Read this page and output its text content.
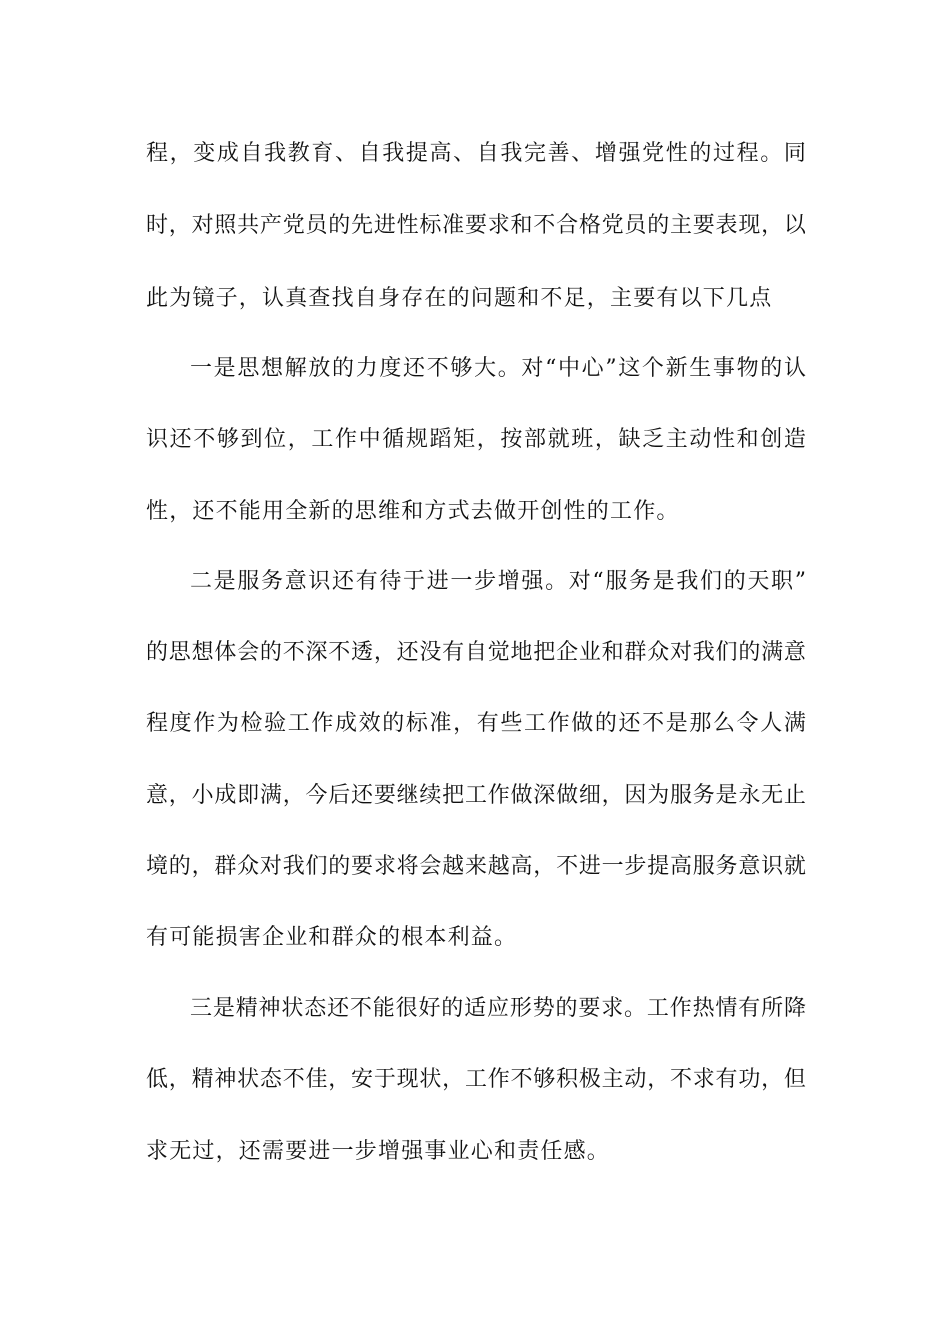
程 ， 变 成 自 我 教 育 、 自 我 提 高 、 自 我 完 善 、 增 强 党 性 的 过 程 。 同
时 ， 对 照 共 产 党 员 的 先 进 性 标 准 要 求 和 不 合 格 党 员 的 主 要 表 现 ， 以
此为镜子，认真查找自身存在的问题和不足，主要有以下几点
一 是 思 想 解 放 的 力 度 还 不 够 大 。 对 “ 中 心 ” 这 个 新 生 事 物 的 认
识 还 不 够 到 位 ， 工 作 中 循 规 蹈 矩 ， 按 部 就 班 ， 缺 乏 主 动 性 和 创 造
性，还不能用全新的思维和方式去做开创性的工作。
二 是 服 务 意 识 还 有 待 于 进 一 步 增 强 。 对 “ 服 务 是 我 们 的 天 职 ”
的 思 想 体 会 的 不 深 不 透 ， 还 没 有 自 觉 地 把 企 业 和 群 众 对 我 们 的 满 意
程 度 作 为 检 验 工 作 成 效 的 标 准 ， 有 些 工 作 做 的 还 不 是 那 么 令 人 满
意 ， 小 成 即 满 ， 今 后 还 要 继 续 把 工 作 做 深 做 细 ， 因 为 服 务 是 永 无 止
境 的 ， 群 众 对 我 们 的 要 求 将 会 越 来 越 高 ， 不 进 一 步 提 高 服 务 意 识 就
有可能损害企业和群众的根本利益。
三 是 精 神 状 态 还 不 能 很 好 的 适 应 形 势 的 要 求 。 工 作 热 情 有 所 降
低 ， 精 神 状 态 不 佳 ， 安 于 现 状 ， 工 作 不 够 积 极 主 动 ， 不 求 有 功 ， 但
求无过，还需要进一步增强事业心和责任感。
